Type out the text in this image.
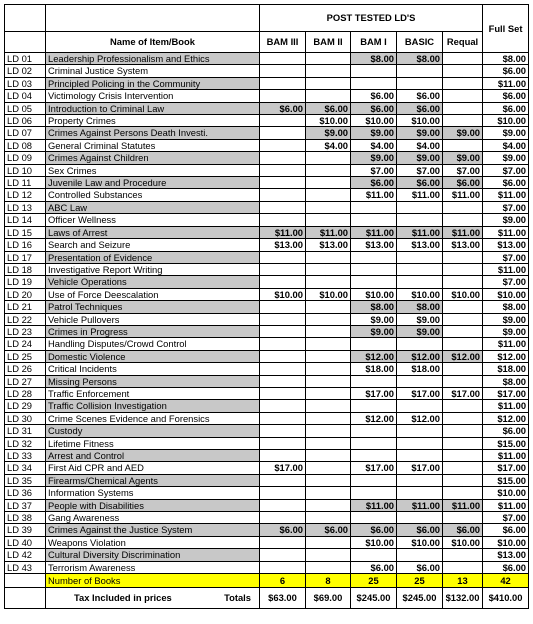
		POST TESTED LD'S					Full Set
	Name of Item/Book	BAM III	BAM II	BAM I	BASIC	Requal	
LD 01	Leadership Professionalism and Ethics			$8.00	$8.00		$8.00
LD 02	Criminal Justice System						$6.00
LD 03	Principled Policing in the Community						$11.00
LD 04	Victimology Crisis Intervention			$6.00	$6.00		$6.00
LD 05	Introduction to Criminal Law	$6.00	$6.00	$6.00	$6.00		$6.00
LD 06	Property Crimes		$10.00	$10.00	$10.00		$10.00
LD 07	Crimes Against Persons Death Investi.		$9.00	$9.00	$9.00	$9.00	$9.00
LD 08	General Criminal Statutes		$4.00	$4.00	$4.00		$4.00
LD 09	Crimes Against Children			$9.00	$9.00	$9.00	$9.00
LD 10	Sex Crimes			$7.00	$7.00	$7.00	$7.00
LD 11	Juvenile Law and Procedure			$6.00	$6.00	$6.00	$6.00
LD 12	Controlled Substances			$11.00	$11.00	$11.00	$11.00
LD 13	ABC Law						$7.00
LD 14	Officer Wellness						$9.00
LD 15	Laws of Arrest	$11.00	$11.00	$11.00	$11.00	$11.00	$11.00
LD 16	Search and Seizure	$13.00	$13.00	$13.00	$13.00	$13.00	$13.00
LD 17	Presentation of Evidence						$7.00
LD 18	Investigative Report Writing						$11.00
LD 19	Vehicle Operations						$7.00
LD 20	Use of Force Deescalation	$10.00	$10.00	$10.00	$10.00	$10.00	$10.00
LD 21	Patrol Techniques			$8.00	$8.00		$8.00
LD 22	Vehicle Pullovers			$9.00	$9.00		$9.00
LD 23	Crimes in Progress			$9.00	$9.00		$9.00
LD 24	Handling Disputes/Crowd Control						$11.00
LD 25	Domestic Violence			$12.00	$12.00	$12.00	$12.00
LD 26	Critical Incidents			$18.00	$18.00		$18.00
LD 27	Missing Persons						$8.00
LD 28	Traffic Enforcement			$17.00	$17.00	$17.00	$17.00
LD 29	Traffic Collision Investigation						$11.00
LD 30	Crime Scenes Evidence and Forensics			$12.00	$12.00		$12.00
LD 31	Custody						$6.00
LD 32	Lifetime Fitness						$15.00
LD 33	Arrest and Control						$11.00
LD 34	First Aid CPR and AED	$17.00		$17.00	$17.00		$17.00
LD 35	Firearms/Chemical Agents						$15.00
LD 36	Information Systems						$10.00
LD 37	People with Disabilities			$11.00	$11.00	$11.00	$11.00
LD 38	Gang Awareness						$7.00
LD 39	Crimes Against the Justice System	$6.00	$6.00	$6.00	$6.00	$6.00	$6.00
LD 40	Weapons Violation			$10.00	$10.00	$10.00	$10.00
LD 42	Cultural Diversity Discrimination						$13.00
LD 43	Terrorism Awareness			$6.00	$6.00		$6.00
	Number of Books	6	8	25	25	13	42

	Tax Included in prices Totals	$63.00	$69.00	$245.00	$245.00	$132.00	$410.00
